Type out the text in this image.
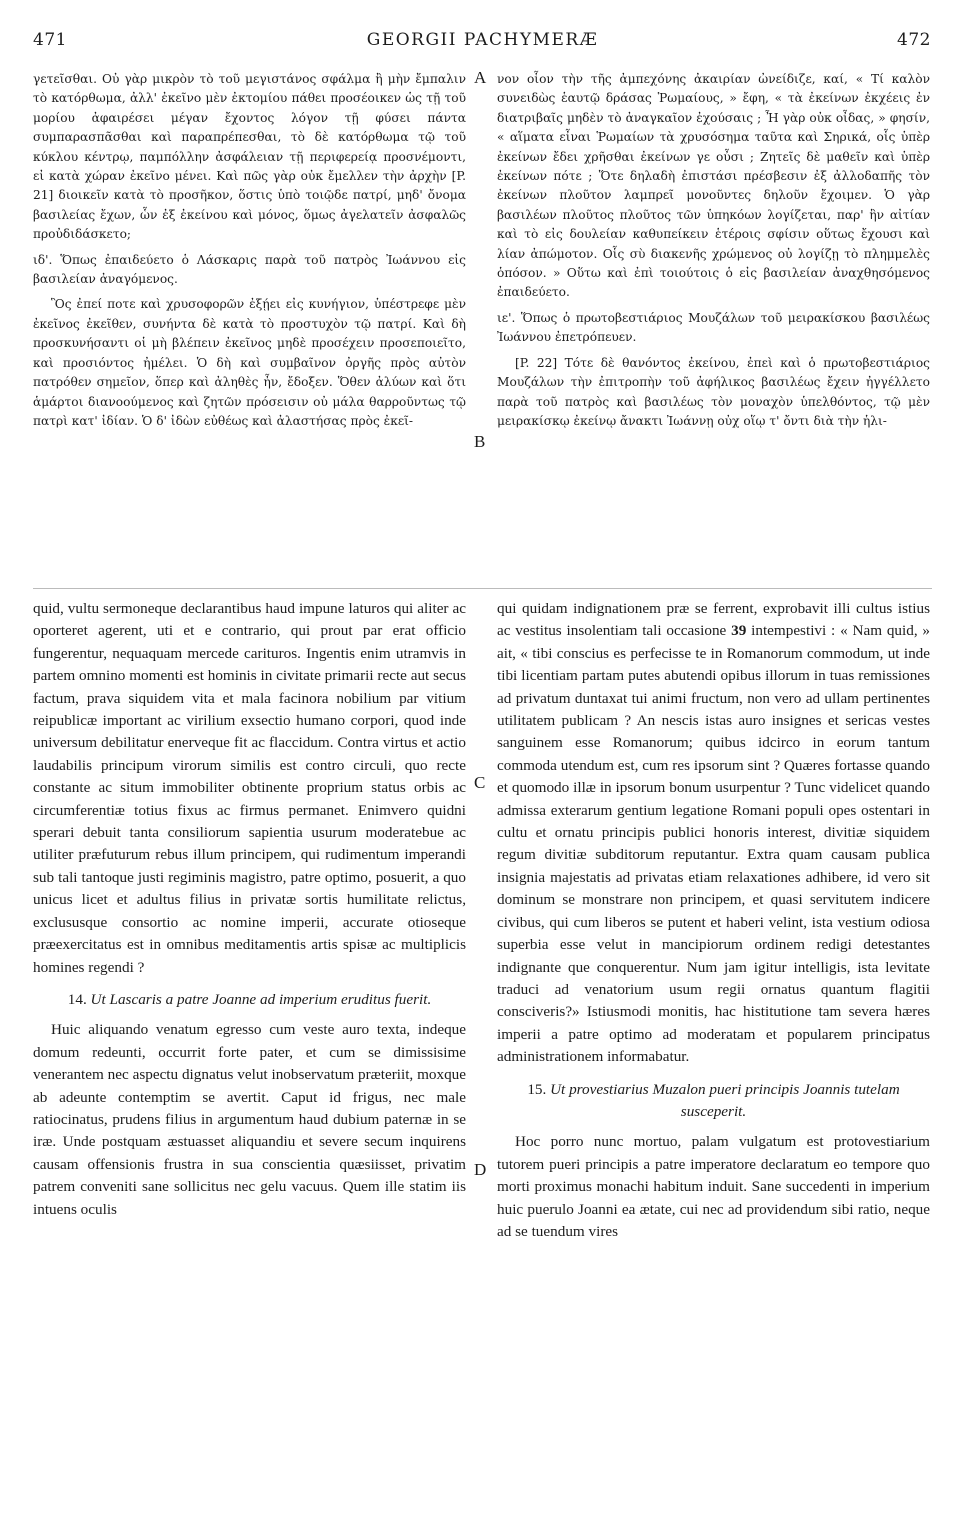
471	GEORGII PACHYMERÆ	472

γετεῖσθαι. Οὐ γὰρ μικρὸν τὸ τοῦ μεγιστάνος σφάλμα ἢ μὴν ἔμπαλιν τὸ κατόρθωμα, ἀλλ' ἐκεῖνο μὲν ἐκτομίου πάθει προσέοικεν ὡς τῇ τοῦ μορίου ἀφαιρέσει μέγαν ἔχοντος λόγον τῇ φύσει πάντα συμπαρασπᾶσθαι καὶ παραπρέπεσθαι, τὸ δὲ κατόρθωμα τῷ τοῦ κύκλου κέντρῳ, παμπόλλην ἀσφάλειαν τῇ περιφερείᾳ προσνέμοντι, εἰ κατὰ χώραν ἐκεῖνο μένει. Καὶ πῶς γὰρ οὐκ ἔμελλεν τὴν ἀρχὴν [P. 21] διοικεῖν κατὰ τὸ προσῆκον, ὅστις ὑπὸ τοιῷδε πατρί, μηδ' ὄνομα βασιλείας ἔχων, ὧν ἐξ ἐκείνου καὶ μόνος, ὅμως ἀγελατεῖν ἀσφαλῶς προὐδιδάσκετο;

ιδ'. Ὅπως ἐπαιδεύετο ὁ Λάσκαρις παρὰ τοῦ πατρὸς Ἰωάννου εἰς βασιλείαν ἀναγόμενος.

Ὃς ἐπεί ποτε καὶ χρυσοφορῶν ἐξῄει εἰς κυνήγιον, ὑπέστρεφε μὲν ἐκεῖνος ἐκεῖθεν, συνήντα δὲ κατὰ τὸ προστυχὸν τῷ πατρί. Καὶ δὴ προσκυνήσαντι οἱ μὴ βλέπειν ἐκεῖνος μηδὲ προσέχειν προσεποιεῖτο, καὶ προσιόντος ἠμέλει. Ὁ δὴ καὶ συμβαῖνον ὀργῆς πρὸς αὐτὸν πατρόθεν σημεῖον, ὅπερ καὶ ἀληθὲς ἦν, ἔδοξεν. Ὅθεν ἀλύων καὶ ὅτι ἁμάρτοι διανοούμενος καὶ ζητῶν πρόσεισιν οὐ μάλα θαρροῦντως τῷ πατρὶ κατ' ἰδίαν. Ὁ δ' ἰδὼν εὐθέως καὶ ἀλαστήσας πρὸς ἐκεῖ-

νον οἷον τὴν τῆς ἀμπεχόνης ἀκαιρίαν ὠνείδιζε, καί, « Τί καλὸν συνειδὼς ἑαυτῷ δράσας Ῥωμαίους, » ἔφη, « τὰ ἐκείνων ἐκχέεις ἐν διατριβαῖς μηδὲν τὸ ἀναγκαῖον ἐχούσαις ; Ἦ γὰρ οὐκ οἶδας, » φησίν, « αἵματα εἶναι Ῥωμαίων τὰ χρυσόσημα ταῦτα καὶ Σηρικά, οἷς ὑπὲρ ἐκείνων ἔδει χρῆσθαι ἐκείνων γε οὖσι ; Ζητεῖς δὲ μαθεῖν καὶ ὑπὲρ ἐκείνων πότε ; Ὅτε δηλαδὴ ἐπιστάσι πρέσβεσιν ἐξ ἀλλοδαπῆς τὸν ἐκείνων πλοῦτον λαμπρεῖ μονοῦντες δηλοῦν ἔχοιμεν. Ὁ γὰρ βασιλέων πλοῦτος πλοῦτος τῶν ὑπηκόων λογίζεται, παρ' ἣν αἰτίαν καὶ τὸ εἰς δουλείαν καθυπείκειν ἑτέροις σφίσιν οὕτως ἔχουσι καὶ λίαν ἀπώμοτον. Οἷς σὺ διακενῆς χρώμενος οὐ λογίζῃ τὸ πλημμελὲς ὁπόσον. » Οὕτω καὶ ἐπὶ τοιούτοις ὁ εἰς βασιλείαν ἀναχθησόμενος ἐπαιδεύετο.

ιε'. Ὅπως ὁ πρωτοβεστιάριος Μουζάλων τοῦ μειρακίσκου βασιλέως Ἰωάννου ἐπετρόπευεν.

[P. 22] Τότε δὲ θανόντος ἐκείνου, ἐπεὶ καὶ ὁ πρωτοβεστιάριος Μουζάλων τὴν ἐπιτροπὴν τοῦ ἀφήλικος βασιλέως ἔχειν ἠγγέλλετο παρὰ τοῦ πατρὸς καὶ βασιλέως τὸν μοναχὸν ὑπελθόντος, τῷ μὲν μειρακίσκῳ ἐκείνῳ ἄνακτι Ἰωάννῃ οὐχ οἵῳ τ' ὄντι διὰ τὴν ἡλι-

A
B
C
D

quid, vultu sermoneque declarantibus haud impune laturos qui aliter ac oporteret agerent, uti et e contrario, qui prout par erat officio fungerentur, nequaquam mercede carituros. Ingentis enim utramvis in partem omnino momenti est hominis in civitate primarii recte aut secus factum, prava siquidem vita et mala facinora nobilium par vitium reipublicæ important ac virilium exsectio humano corpori, quod inde universum debilitatur enerveque fit ac flaccidum. Contra virtus et actio laudabilis principum virorum similis est contro circuli, quo recte constante ac situm immobiliter obtinente proprium status orbis ac circumferentiæ totius fixus ac firmus permanet. Enimvero quidni sperari debuit tanta consiliorum sapientia usurum moderatebue ac utiliter præfuturum rebus illum principem, qui rudimentum imperandi sub tali tantoque justi regiminis magistro, patre optimo, posuerit, a quo unicus licet et adultus filius in privatæ sortis humilitate relictus, exclususque consortio ac nomine imperii, accurate otioseque præexercitatus est in omnibus meditamentis artis spisæ ac multiplicis homines regendi ?

14. Ut Lascaris a patre Joanne ad imperium eruditus fuerit.

Huic aliquando venatum egresso cum veste auro texta, indeque domum redeunti, occurrit forte pater, et cum se dimissisime venerantem nec aspectu dignatus velut inobservatum præteriit, moxque ab adeunte contemptim se avertit. Caput id frigus, nec male ratiocinatus, prudens filius in argumentum haud dubium paternæ in se iræ. Unde postquam æstuasset aliquandiu et severe secum inquirens causam offensionis frustra in sua conscientia quæsiisset, privatim patrem conveniti sane sollicitus nec gelu vacuus. Quem ille statim iis intuens oculis

qui quidam indignationem præ se ferrent, exprobavit illi cultus istius ac vestitus insolentiam tali occasione 39 intempestivi : « Nam quid, » ait, « tibi conscius es perfecisse te in Romanorum commodum, ut inde tibi licentiam partam putes abutendi opibus illorum in tuas remissiones ad privatum duntaxat tui animi fructum, non vero ad ullam pertinentes utilitatem publicam ? An nescis istas auro insignes et sericas vestes sanguinem esse Romanorum; quibus idcirco in eorum tantum commoda utendum est, cum res ipsorum sint ? Quæres fortasse quando et quomodo illæ in ipsorum bonum usurpentur ? Tunc videlicet quando admissa exterarum gentium legatione Romani populi opes ostentari in cultu et ornatu principis publici honoris interest, divitiæ siquidem regum divitiæ subditorum reputantur. Extra quam causam publica insignia majestatis ad privatas etiam relaxationes adhibere, id vero sit dominum se monstrare non principem, et quasi servitutem indicere civibus, qui cum liberos se putent et haberi velint, ista vestium odiosa superbia esse velut in mancipiorum ordinem redigi detestantes indignante que conquerentur. Num jam igitur intelligis, ista levitate traduci ad venatorium usum regii ornatus quantum flagitii consciveris?» Istiusmodi monitis, hac histitutione tam severa hæres imperii a patre optimo ad moderatam et popularem principatus administrationem informabatur.

15. Ut provestiarius Muzalon pueri principis Joannis tutelam susceperit.

Hoc porro nunc mortuo, palam vulgatum est protovestiarium tutorem pueri principis a patre imperatore declaratum eo tempore quo morti proximus monachi habitum induit. Sane succedenti in imperium huic puerulo Joanni ea ætate, cui nec ad providendum sibi ratio, neque ad se tuendum vires
